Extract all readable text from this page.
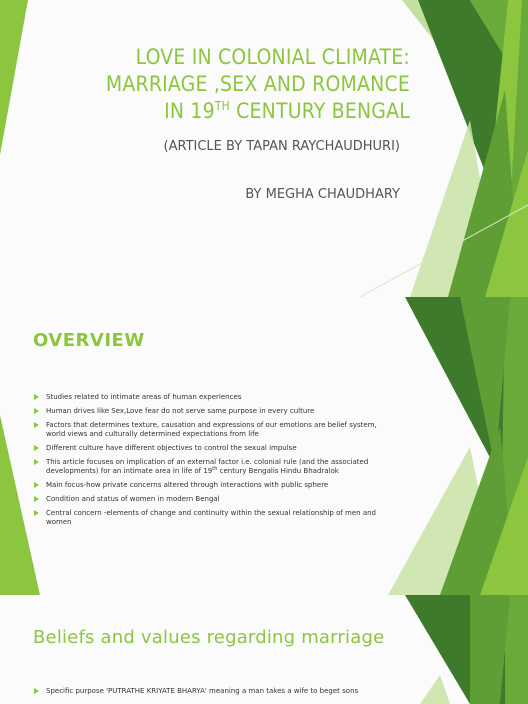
LOVE IN COLONIAL CLIMATE:
MARRIAGE ,SEX AND ROMANCE
IN 19TH CENTURY BENGAL
(ARTICLE BY TAPAN RAYCHAUDHURI)
BY MEGHA CHAUDHARY
OVERVIEW
Studies related to intimate areas of human experiences
Human drives like Sex,Love fear do not serve same purpose in every culture
Factors that determines texture, causation and expressions of our emotions are belief system, world views and culturally determined expectations from life
Different culture have different objectives to control the sexual impulse
This article focuses on implication of an external factor i.e. colonial rule (and the associated developments) for an intimate area in life of 19th century Bengalis Hindu Bhadralok
Main focus-how private concerns altered through interactions with public sphere
Condition and status of women in modern Bengal
Central concern -elements of change and continuity within the sexual relationship of men and women
Beliefs and values regarding marriage
Specific purpose 'PUTRATHE KRIYATE BHARYA' meaning a man takes a wife to beget sons
